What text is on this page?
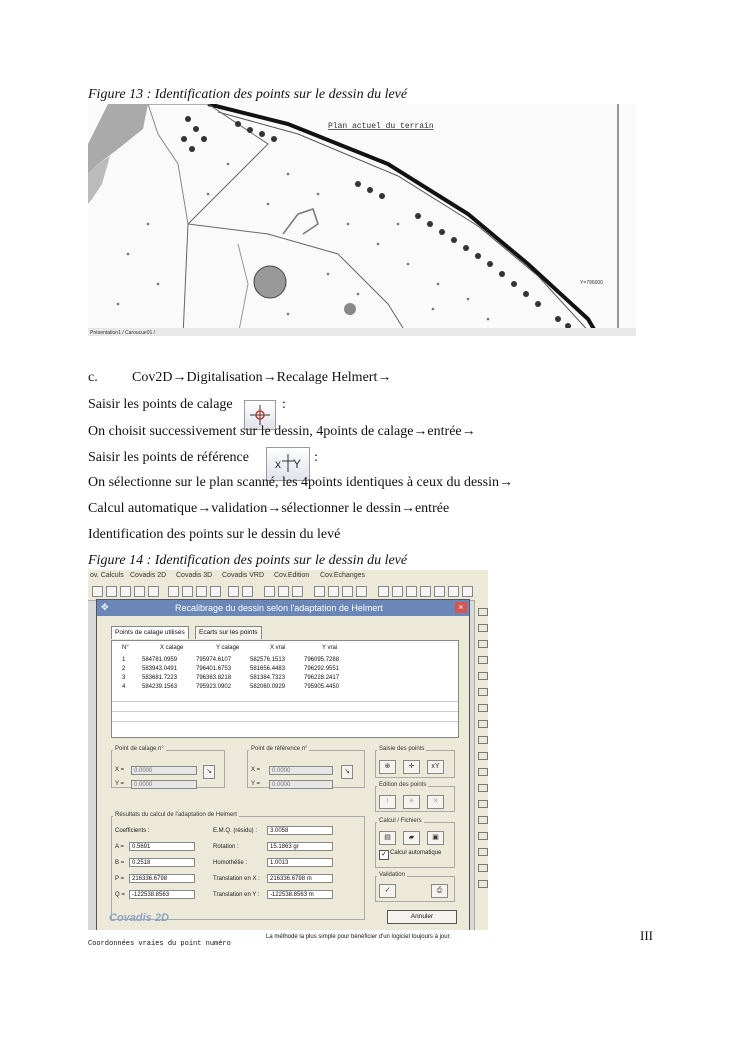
Figure 13 : Identification des points sur le dessin du levé
Plan actuel du terrain
Y=796000
Présentation1 / Caroucue01 /
c. Cov2D→Digitalisation→Recalage Helmert→
Saisir les points de calage	:
On choisit successivement sur le dessin, 4points de calage→entrée→
Saisir les points de référence	:
x Y
On sélectionne sur le plan scanné, les 4points identiques à ceux du dessin→
Calcul automatique→validation→sélectionner le dessin→entrée
Identification des points sur le dessin du levé
Figure 14 : Identification des points sur le dessin du levé
ov. Calculs Covadis 2D Covadis 3D Covadis VRD Cov.Edition Cov.Echanges
✥	Recalibrage du dessin selon l'adaptation de Helmert	×
Points de calage utilisés	Ecarts sur les points
N°	X calage	Y calage	X vrai	Y vrai
1	584781.0959	795974.6107	582576.1513	796095.7288
2	583943.0491	796401.6753	581656.4483	796292.9551
3	583681.7223	796363.8218	581384.7323	796228.2417
4	584239.1563	795923.0902	582060.0929	795905.4450
Point de calage n°
X =	0.0000
Y =	0.0000
↘
Point de référence n°
X =	0.0000
Y =	0.0000
↘
Saisie des points
⊕	✛	xY
Edition des points
!	✳	✕
Résultats du calcul de l'adaptation de Helmert
Coefficients :	E.M.Q. (résidu) :	3.0058
A =	0.5691	Rotation :	15.1863 gr
B =	0.2518	Homothétie :	1.0013
P =	216336.6798	Translation en X :	216336.6798 m
Q =	-122538.8563	Translation en Y :	-122538.8563 m
Calcul / Fichiers
▤	▰	▣
✓ Calcul automatique
Validation
✓	⎙
Annuler
Covadis 2D
Coordonnées vraies du point numéro
La méthode la plus simple pour bénéficier d'un logiciel toujours à jour.	III
